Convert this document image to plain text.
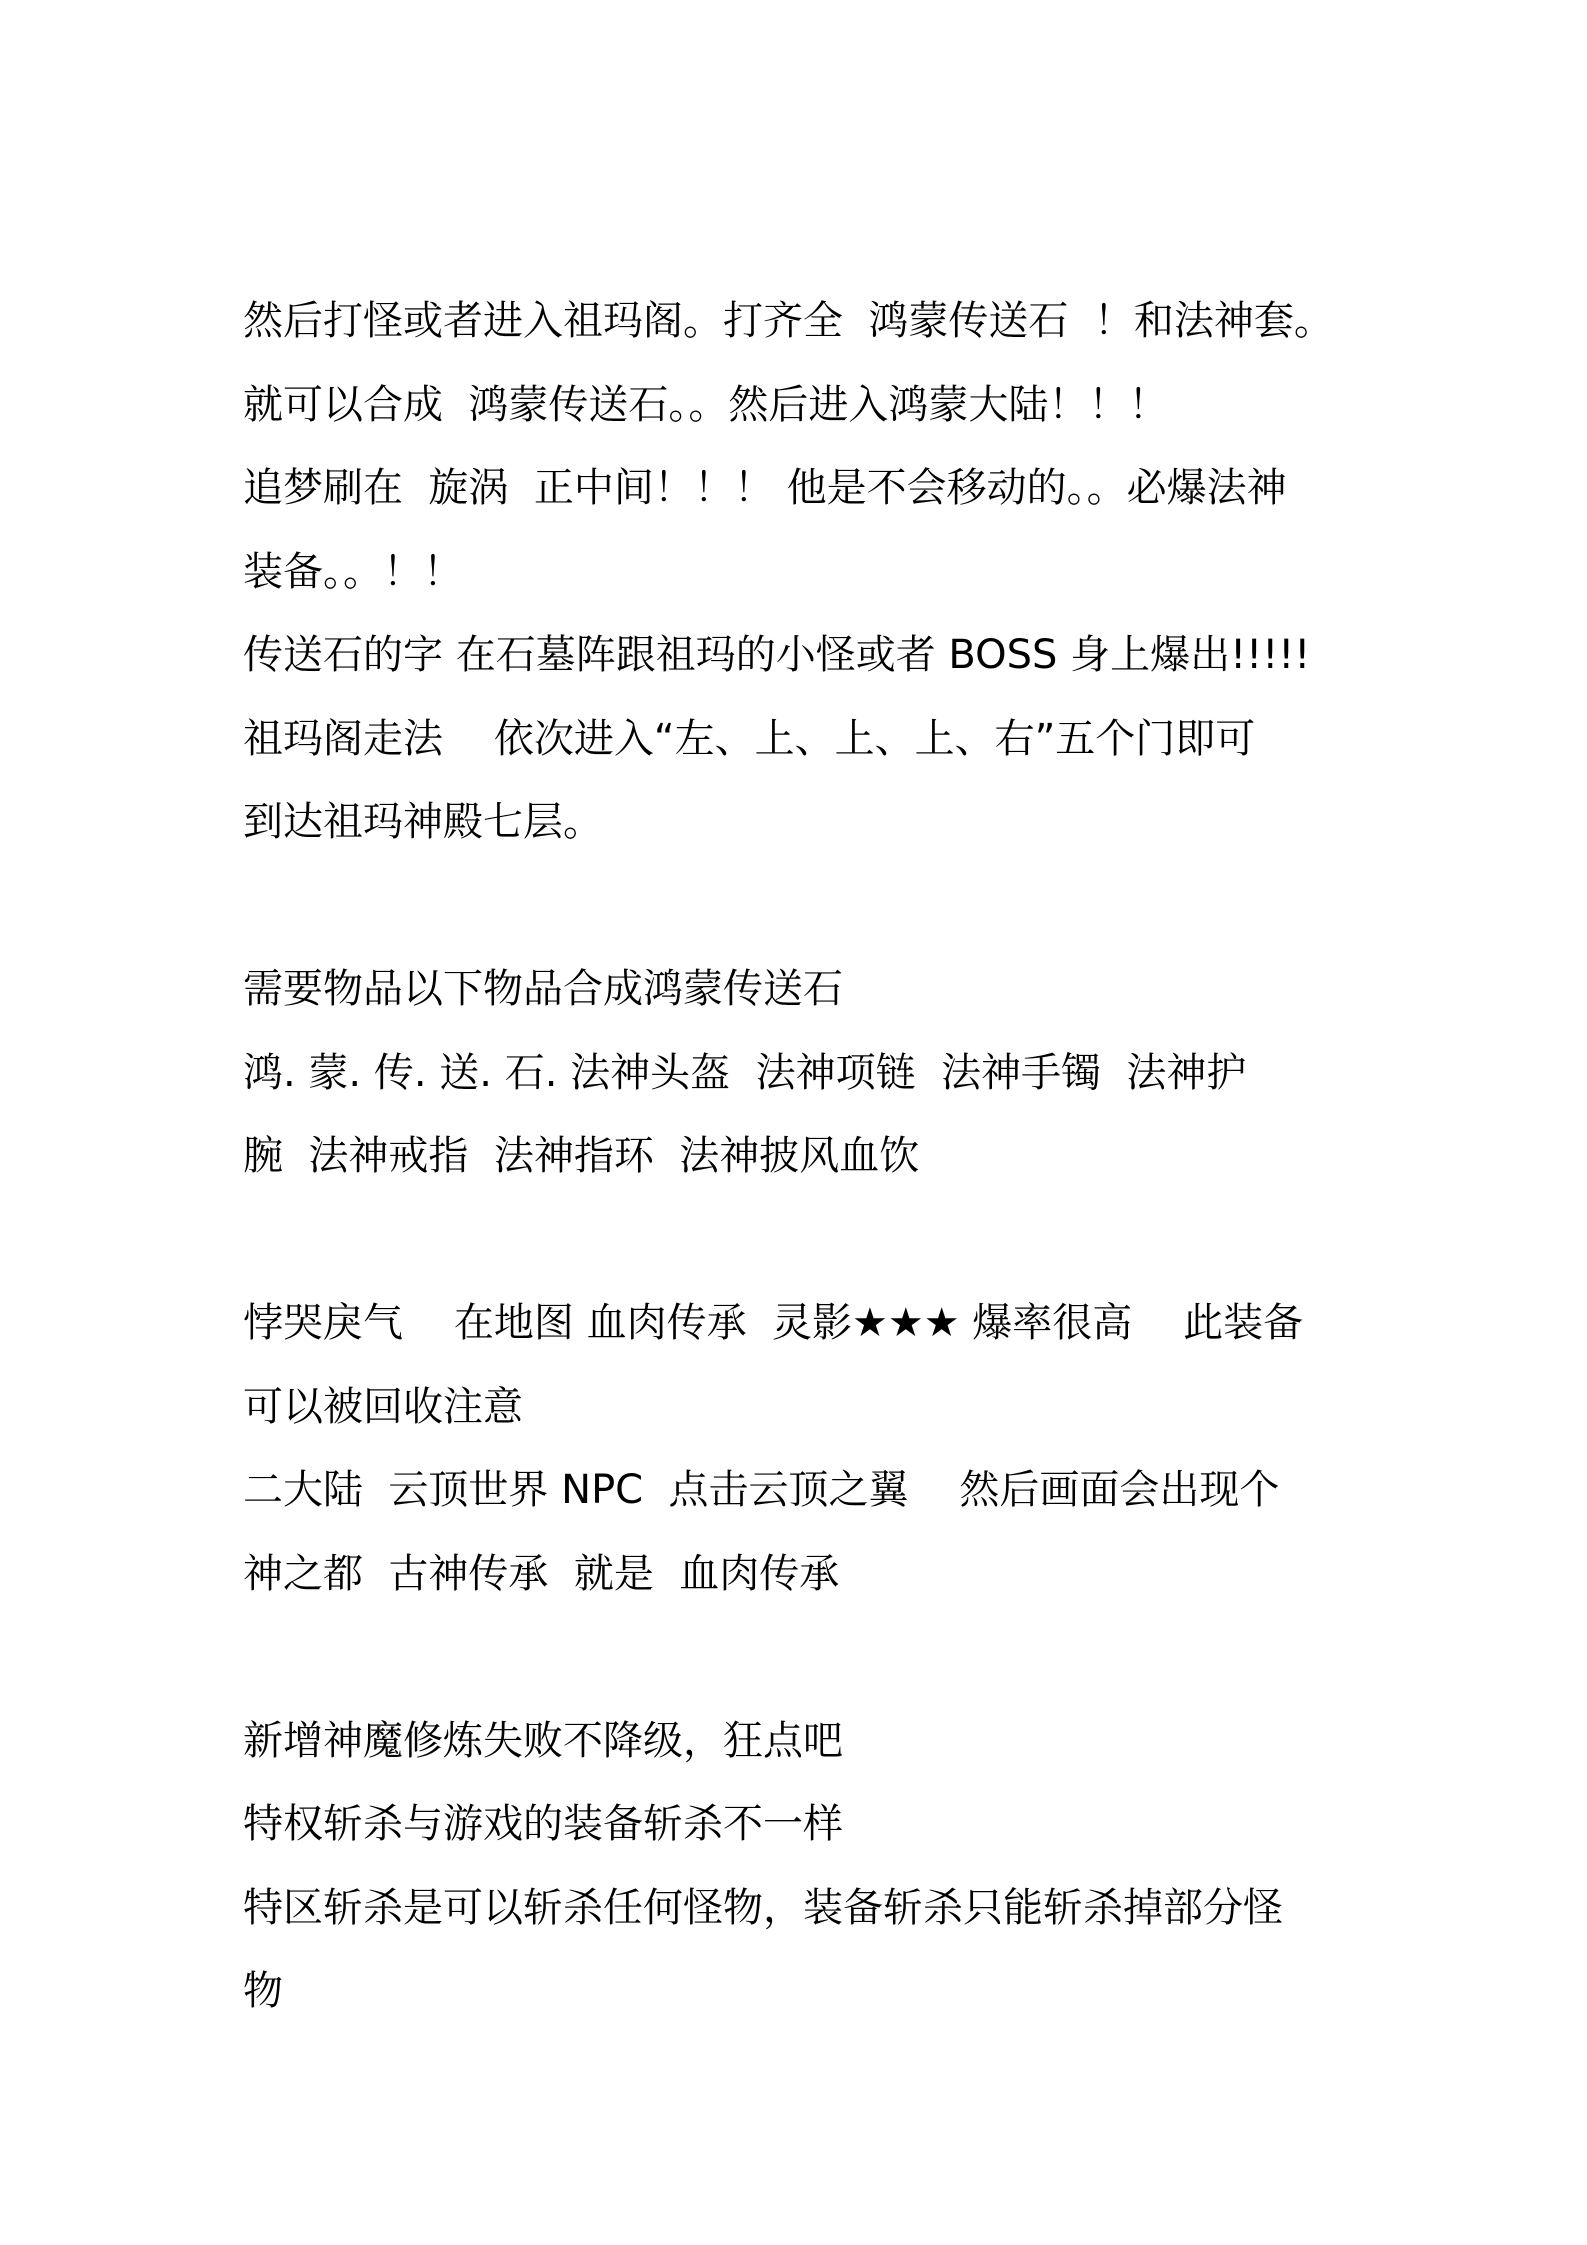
然后打怪或者进入祖玛阁。打齐全  鸿蒙传送石  ！和法神套。
就可以合成  鸿蒙传送石。。然后进入鸿蒙大陆！！！
追梦刷在  旋涡  正中间！！！ 他是不会移动的。。必爆法神
装备。。！！
传送石的字 在石墓阵跟祖玛的小怪或者 BOSS 身上爆出!!!!!
祖玛阁走法    依次进入“左、上、上、上、右”五个门即可
到达祖玛神殿七层。
需要物品以下物品合成鸿蒙传送石
鸿. 蒙. 传. 送. 石. 法神头盔  法神项链  法神手镯  法神护
腕  法神戒指  法神指环  法神披风血饮
悖哭戾气    在地图 血肉传承  灵影★★★ 爆率很高    此装备
可以被回收注意
二大陆  云顶世界 NPC  点击云顶之翼    然后画面会出现个
神之都  古神传承  就是  血肉传承
新增神魔修炼失败不降级，狂点吧
特权斩杀与游戏的装备斩杀不一样
特区斩杀是可以斩杀任何怪物，装备斩杀只能斩杀掉部分怪
物
